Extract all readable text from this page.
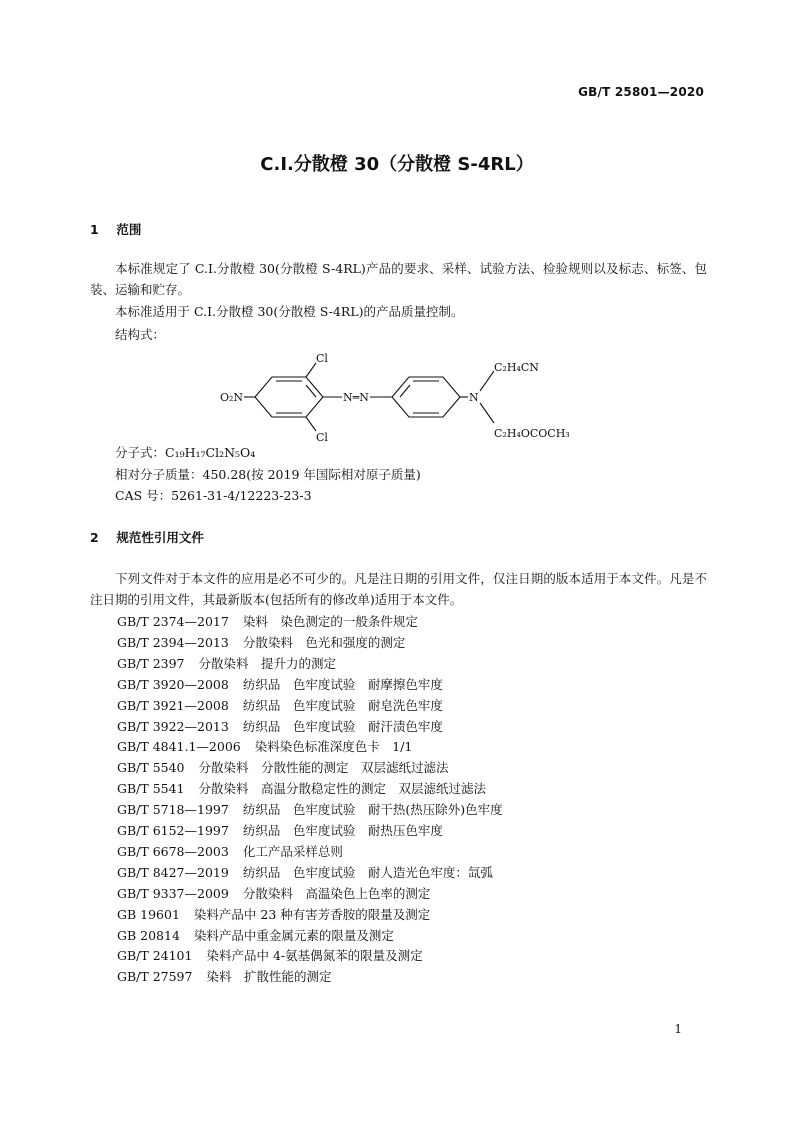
GB/T 25801—2020
C.I.分散橙 30（分散橙 S-4RL）
1 范围
本标准规定了 C.I.分散橙 30(分散橙 S-4RL)产品的要求、采样、试验方法、检验规则以及标志、标签、包装、运输和贮存。
本标准适用于 C.I.分散橙 30(分散橙 S-4RL)的产品质量控制。
结构式：
Cl
Cl
O₂N	N═N	N
C₂H₄CN
C₂H₄OCOCH₃
分子式：C₁₉H₁₇Cl₂N₅O₄
相对分子质量：450.28(按 2019 年国际相对原子质量)
CAS 号：5261-31-4/12223-23-3
2 规范性引用文件
下列文件对于本文件的应用是必不可少的。凡是注日期的引用文件，仅注日期的版本适用于本文件。凡是不注日期的引用文件，其最新版本(包括所有的修改单)适用于本文件。
GB/T 2374—2017 染料　染色测定的一般条件规定
GB/T 2394—2013 分散染料　色光和强度的测定
GB/T 2397 分散染料　提升力的测定
GB/T 3920—2008 纺织品　色牢度试验　耐摩擦色牢度
GB/T 3921—2008 纺织品　色牢度试验　耐皂洗色牢度
GB/T 3922—2013 纺织品　色牢度试验　耐汗渍色牢度
GB/T 4841.1—2006 染料染色标准深度色卡　1/1
GB/T 5540 分散染料　分散性能的测定　双层滤纸过滤法
GB/T 5541 分散染料　高温分散稳定性的测定　双层滤纸过滤法
GB/T 5718—1997 纺织品　色牢度试验　耐干热(热压除外)色牢度
GB/T 6152—1997 纺织品　色牢度试验　耐热压色牢度
GB/T 6678—2003 化工产品采样总则
GB/T 8427—2019 纺织品　色牢度试验　耐人造光色牢度：氙弧
GB/T 9337—2009 分散染料　高温染色上色率的测定
GB 19601 染料产品中 23 种有害芳香胺的限量及测定
GB 20814 染料产品中重金属元素的限量及测定
GB/T 24101 染料产品中 4-氨基偶氮苯的限量及测定
GB/T 27597 染料　扩散性能的测定
1
